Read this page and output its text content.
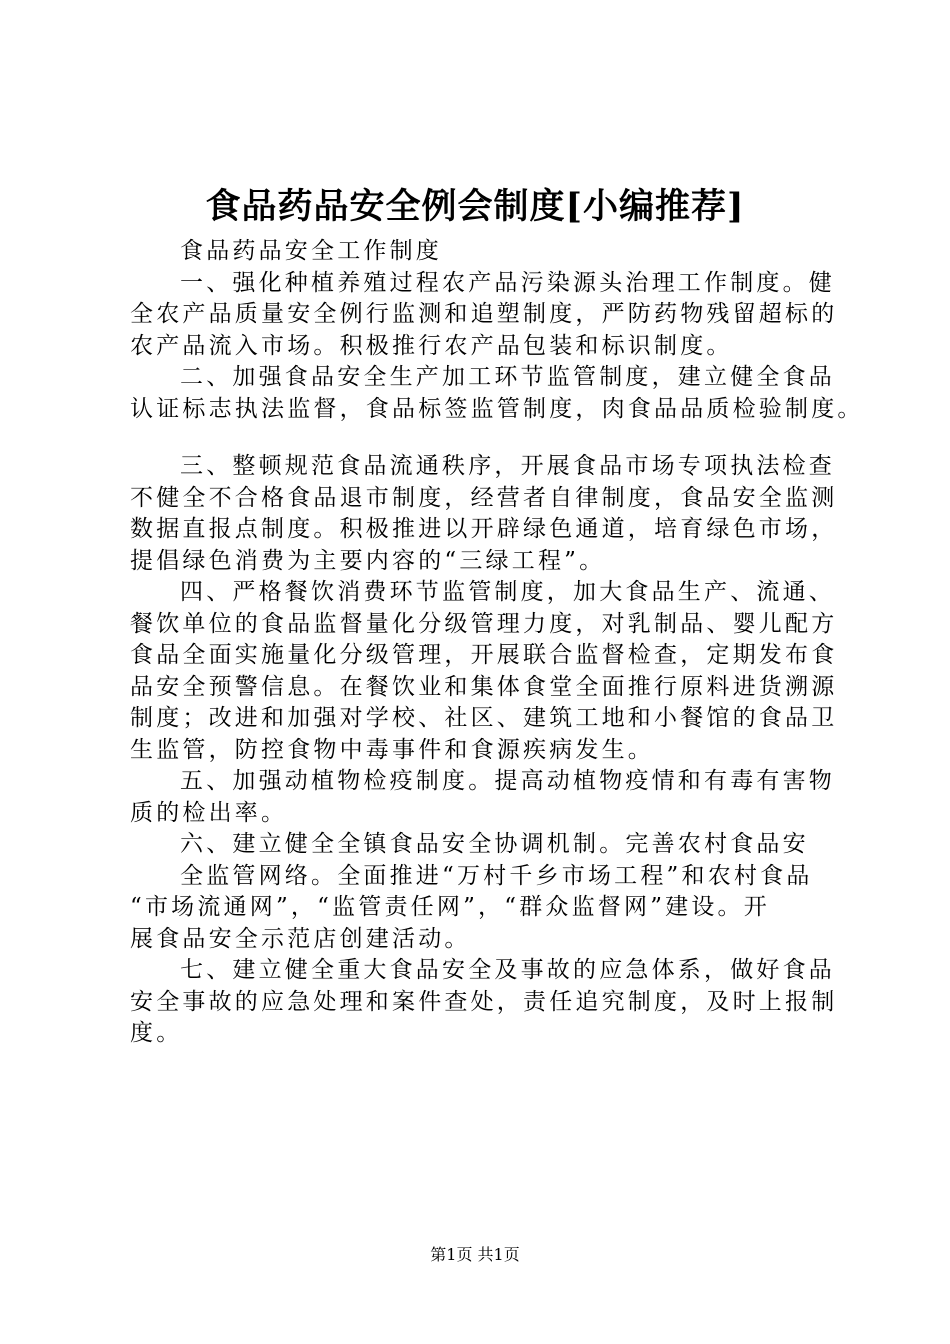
食品药品安全例会制度[小编推荐]
食品药品安全工作制度
一、强化种植养殖过程农产品污染源头治理工作制度。健
全农产品质量安全例行监测和追塑制度，严防药物残留超标的
农产品流入市场。积极推行农产品包装和标识制度。
二、加强食品安全生产加工环节监管制度，建立健全食品
认证标志执法监督，食品标签监管制度，肉食品品质检验制度。
三、整顿规范食品流通秩序，开展食品市场专项执法检查
不健全不合格食品退市制度，经营者自律制度，食品安全监测
数据直报点制度。积极推进以开辟绿色通道，培育绿色市场，
提倡绿色消费为主要内容的“三绿工程”。
四、严格餐饮消费环节监管制度，加大食品生产、流通、
餐饮单位的食品监督量化分级管理力度，对乳制品、婴儿配方
食品全面实施量化分级管理，开展联合监督检查，定期发布食
品安全预警信息。在餐饮业和集体食堂全面推行原料进货溯源
制度；改进和加强对学校、社区、建筑工地和小餐馆的食品卫
生监管，防控食物中毒事件和食源疾病发生。
五、加强动植物检疫制度。提高动植物疫情和有毒有害物
质的检出率。
六、建立健全全镇食品安全协调机制。完善农村食品安
全监管网络。全面推进“万村千乡市场工程”和农村食品
“市场流通网”，“监管责任网”，“群众监督网”建设。开
展食品安全示范店创建活动。
七、建立健全重大食品安全及事故的应急体系，做好食品
安全事故的应急处理和案件查处，责任追究制度，及时上报制
度。
第1页 共1页
